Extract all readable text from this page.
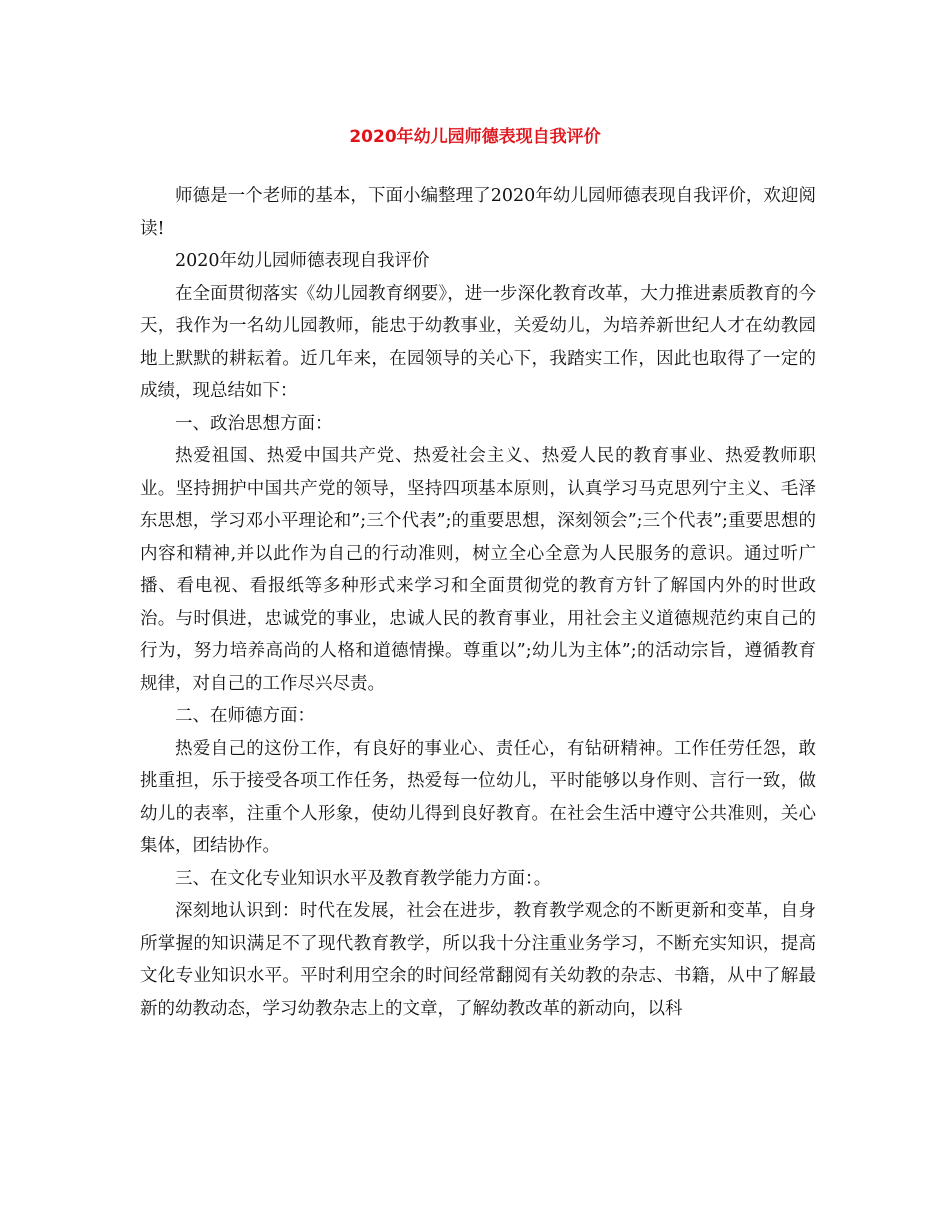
2020年幼儿园师德表现自我评价

师德是一个老师的基本，下面小编整理了2020年幼儿园师德表现自我评价，欢迎阅读!

2020年幼儿园师德表现自我评价

在全面贯彻落实《幼儿园教育纲要》，进一步深化教育改革，大力推进素质教育的今天，我作为一名幼儿园教师，能忠于幼教事业，关爱幼儿，为培养新世纪人才在幼教园地上默默的耕耘着。近几年来，在园领导的关心下，我踏实工作，因此也取得了一定的成绩，现总结如下：

一、政治思想方面：

热爱祖国、热爱中国共产党、热爱社会主义、热爱人民的教育事业、热爱教师职业。坚持拥护中国共产党的领导，坚持四项基本原则，认真学习马克思列宁主义、毛泽东思想，学习邓小平理论和”;三个代表”;的重要思想，深刻领会”;三个代表”;重要思想的内容和精神,并以此作为自己的行动准则，树立全心全意为人民服务的意识。通过听广播、看电视、看报纸等多种形式来学习和全面贯彻党的教育方针了解国内外的时世政治。与时俱进，忠诚党的事业，忠诚人民的教育事业，用社会主义道德规范约束自己的行为，努力培养高尚的人格和道德情操。尊重以”;幼儿为主体”;的活动宗旨，遵循教育规律，对自己的工作尽兴尽责。

二、在师德方面：

热爱自己的这份工作，有良好的事业心、责任心，有钻研精神。工作任劳任怨，敢挑重担，乐于接受各项工作任务，热爱每一位幼儿，平时能够以身作则、言行一致，做幼儿的表率，注重个人形象，使幼儿得到良好教育。在社会生活中遵守公共准则，关心集体，团结协作。

三、在文化专业知识水平及教育教学能力方面：。

深刻地认识到：时代在发展，社会在进步，教育教学观念的不断更新和变革，自身所掌握的知识满足不了现代教育教学，所以我十分注重业务学习，不断充实知识，提高文化专业知识水平。平时利用空余的时间经常翻阅有关幼教的杂志、书籍，从中了解最新的幼教动态，学习幼教杂志上的文章，了解幼教改革的新动向，以科
